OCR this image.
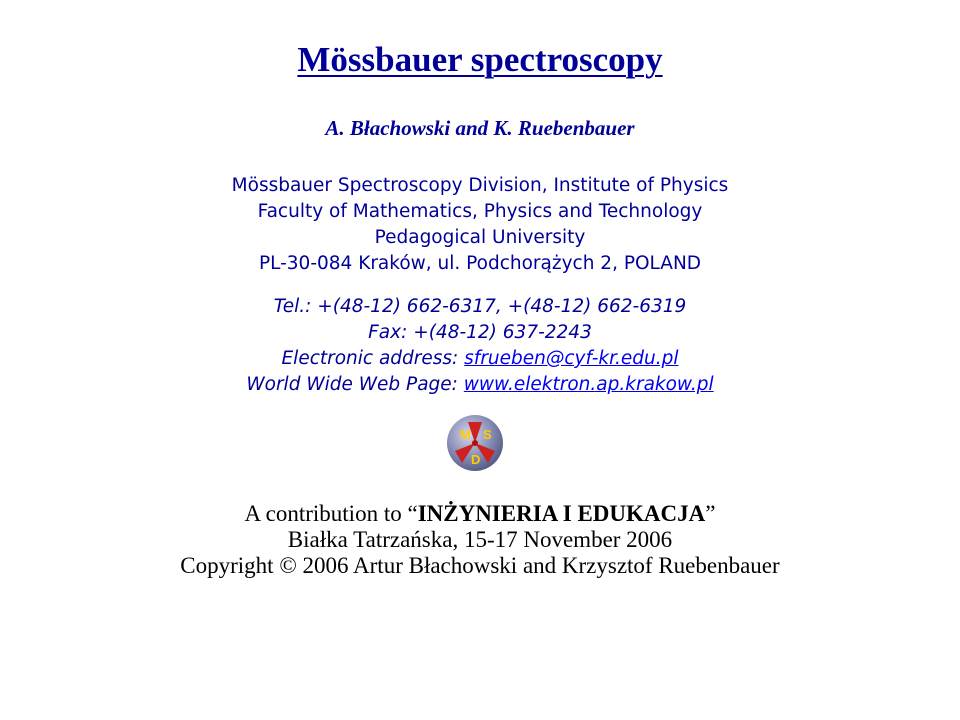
Mössbauer spectroscopy
A. Błachowski and K. Ruebenbauer
Mössbauer Spectroscopy Division, Institute of Physics
Faculty of Mathematics, Physics and Technology
Pedagogical University
PL-30-084 Kraków, ul. Podchorążych 2, POLAND
Tel.: +(48-12) 662-6317, +(48-12) 662-6319
Fax: +(48-12) 637-2243
Electronic address: sfrueben@cyf-kr.edu.pl
World Wide Web Page: www.elektron.ap.krakow.pl
M S
D
A contribution to “INŻYNIERIA I EDUKACJA”
Białka Tatrzańska, 15-17 November 2006
Copyright © 2006 Artur Błachowski and Krzysztof Ruebenbauer
